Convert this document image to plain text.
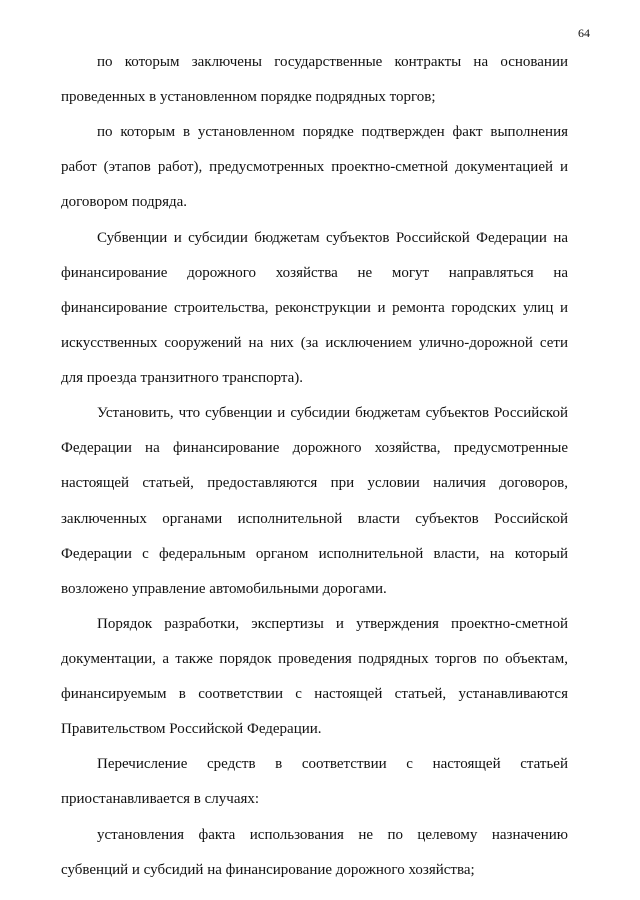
64
по которым заключены государственные контракты на основании
проведенных в установленном порядке подрядных торгов;
по которым в установленном порядке подтвержден факт выполнения
работ (этапов работ), предусмотренных проектно-сметной документацией и
договором подряда.
Субвенции и субсидии бюджетам субъектов Российской Федерации на
финансирование дорожного хозяйства не могут направляться на
финансирование строительства, реконструкции и ремонта городских улиц и
искусственных сооружений на них (за исключением улично-дорожной сети
для проезда транзитного транспорта).
Установить, что субвенции и субсидии бюджетам субъектов Российской
Федерации на финансирование дорожного хозяйства, предусмотренные
настоящей статьей, предоставляются при условии наличия договоров,
заключенных органами исполнительной власти субъектов Российской
Федерации с федеральным органом исполнительной власти, на который
возложено управление автомобильными дорогами.
Порядок разработки, экспертизы и утверждения проектно-сметной
документации, а также порядок проведения подрядных торгов по объектам,
финансируемым в соответствии с настоящей статьей, устанавливаются
Правительством Российской Федерации.
Перечисление средств в соответствии с настоящей статьей
приостанавливается в случаях:
установления факта использования не по целевому назначению
субвенций и субсидий на финансирование дорожного хозяйства;
